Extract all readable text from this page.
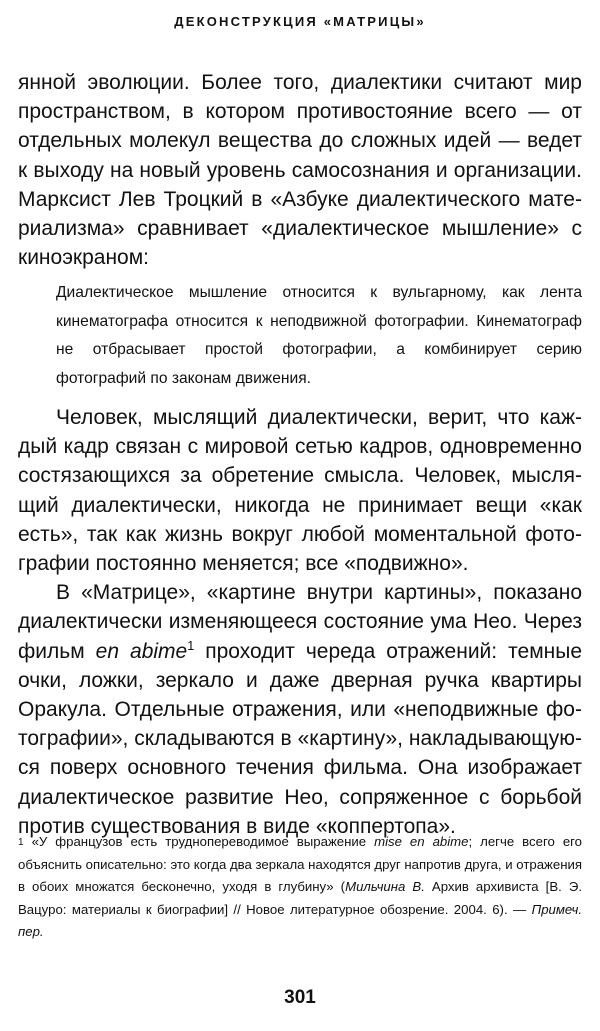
ДЕКОНСТРУКЦИЯ «МАТРИЦЫ»

янной эволюции. Более того, диалектики считают мир пространством, в котором противостояние всего — от отдельных молекул вещества до сложных идей — ведет к выходу на новый уровень самосознания и организации. Марксист Лев Троцкий в «Азбуке диалектического материализма» сравнивает «диалектическое мышление» с киноэкраном:

Диалектическое мышление относится к вульгарному, как лента кинематографа относится к неподвижной фотографии. Кинематограф не отбрасывает простой фотографии, а комбинирует серию фотографий по законам движения.

Человек, мыслящий диалектически, верит, что каждый кадр связан с мировой сетью кадров, одновременно состязающихся за обретение смысла. Человек, мыслящий диалектически, никогда не принимает вещи «как есть», так как жизнь вокруг любой моментальной фотографии постоянно меняется; все «подвижно».

В «Матрице», «картине внутри картины», показано диалектически изменяющееся состояние ума Нео. Через фильм en abime$^1$ проходит череда отражений: темные очки, ложки, зеркало и даже дверная ручка квартиры Оракула. Отдельные отражения, или «неподвижные фотографии», складываются в «картину», накладывающуюся поверх основного течения фильма. Она изображает диалектическое развитие Нео, сопряженное с борьбой против существования в виде «коппертопа».

$^1$ «У французов есть труднопереводимое выражение mise en abime; легче всего его объяснить описательно: это когда два зеркала находятся друг напротив друга, и отражения в обоих множатся бесконечно, уходя в глубину» (Мильчина В. Архив архивиста [В. Э. Вацуро: материалы к биографии] // Новое литературное обозрение. 2004. 6). — Примеч. пер.

301
